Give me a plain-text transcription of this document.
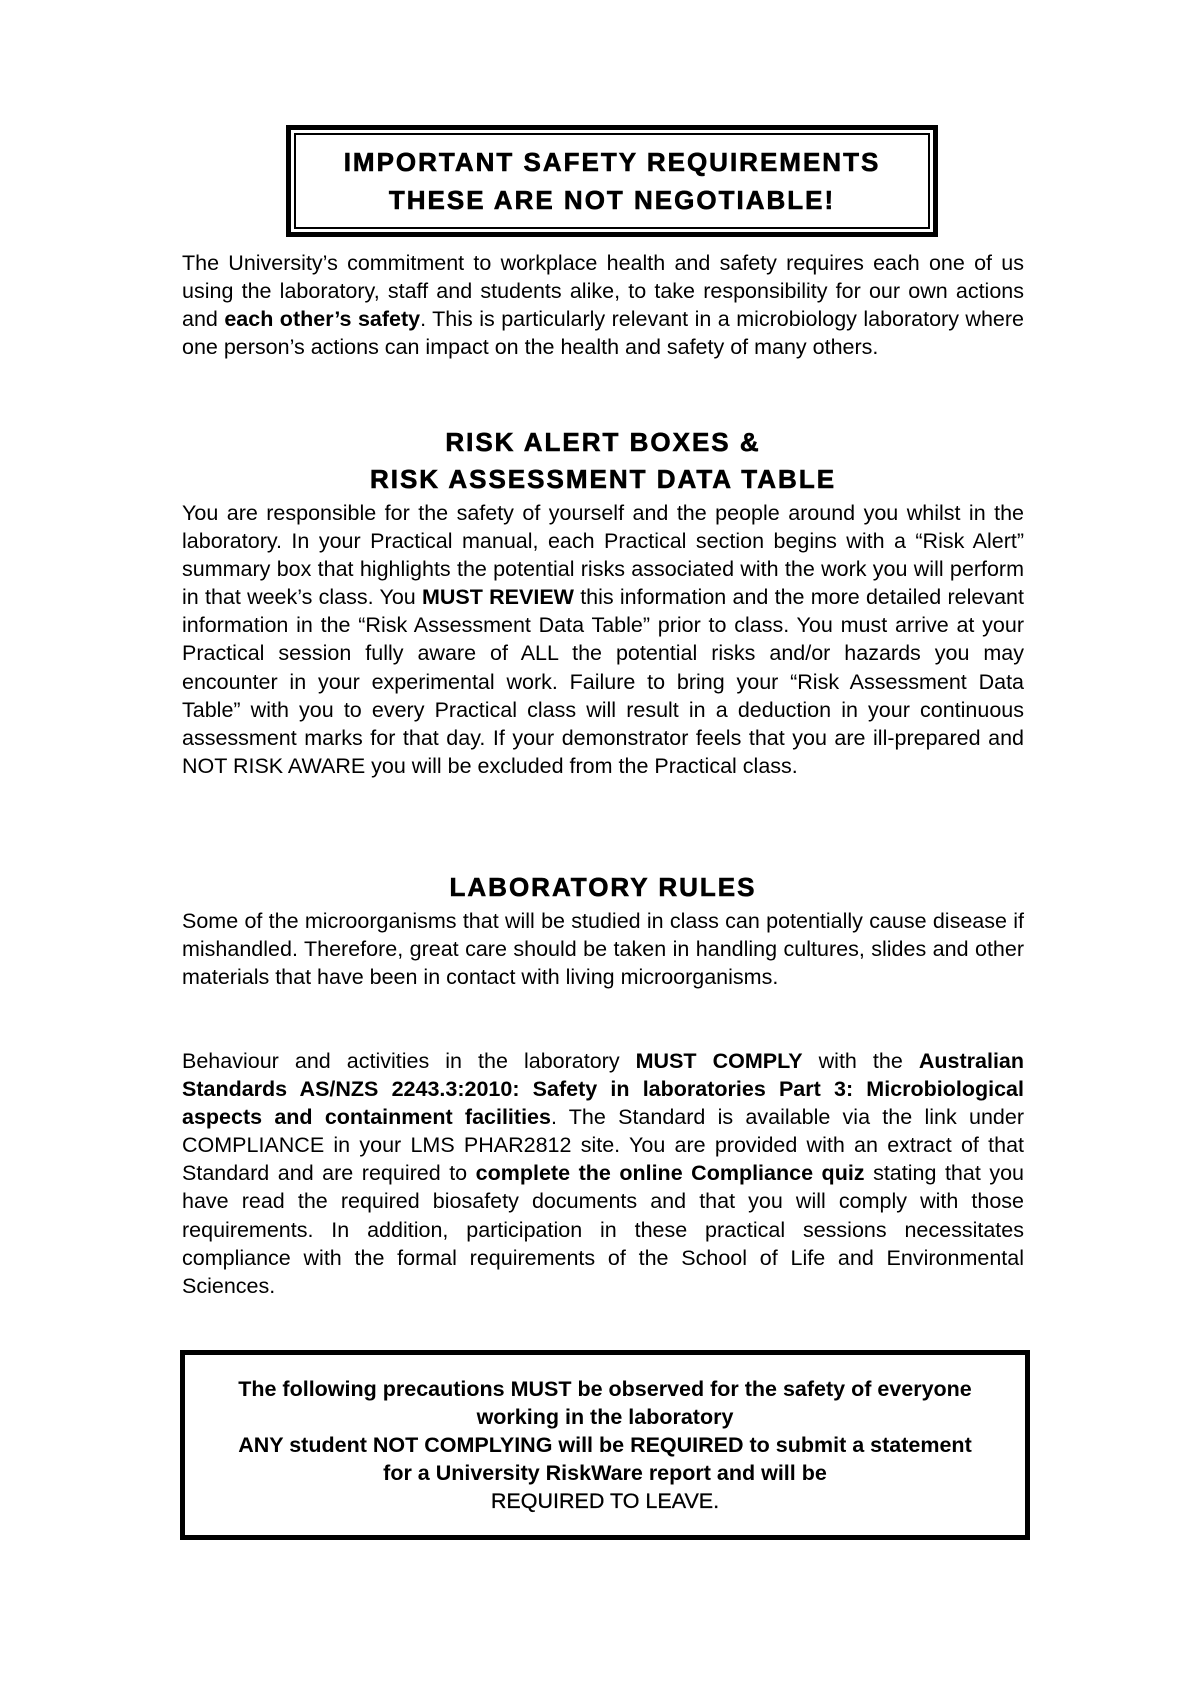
IMPORTANT SAFETY REQUIREMENTS
THESE ARE NOT NEGOTIABLE!

The University’s commitment to workplace health and safety requires each one of us using the laboratory, staff and students alike, to take responsibility for our own actions and each other’s safety. This is particularly relevant in a microbiology laboratory where one person’s actions can impact on the health and safety of many others.

RISK ALERT BOXES &
RISK ASSESSMENT DATA TABLE

You are responsible for the safety of yourself and the people around you whilst in the laboratory. In your Practical manual, each Practical section begins with a “Risk Alert” summary box that highlights the potential risks associated with the work you will perform in that week’s class. You MUST REVIEW this information and the more detailed relevant information in the “Risk Assessment Data Table” prior to class. You must arrive at your Practical session fully aware of ALL the potential risks and/or hazards you may encounter in your experimental work. Failure to bring your “Risk Assessment Data Table” with you to every Practical class will result in a deduction in your continuous assessment marks for that day. If your demonstrator feels that you are ill-prepared and NOT RISK AWARE you will be excluded from the Practical class.

LABORATORY RULES

Some of the microorganisms that will be studied in class can potentially cause disease if mishandled. Therefore, great care should be taken in handling cultures, slides and other materials that have been in contact with living microorganisms.

Behaviour and activities in the laboratory MUST COMPLY with the Australian Standards AS/NZS 2243.3:2010: Safety in laboratories Part 3: Microbiological aspects and containment facilities. The Standard is available via the link under COMPLIANCE in your LMS PHAR2812 site. You are provided with an extract of that Standard and are required to complete the online Compliance quiz stating that you have read the required biosafety documents and that you will comply with those requirements. In addition, participation in these practical sessions necessitates compliance with the formal requirements of the School of Life and Environmental Sciences.

The following precautions MUST be observed for the safety of everyone working in the laboratory

ANY student NOT COMPLYING will be REQUIRED to submit a statement for a University RiskWare report and will be

REQUIRED TO LEAVE.
